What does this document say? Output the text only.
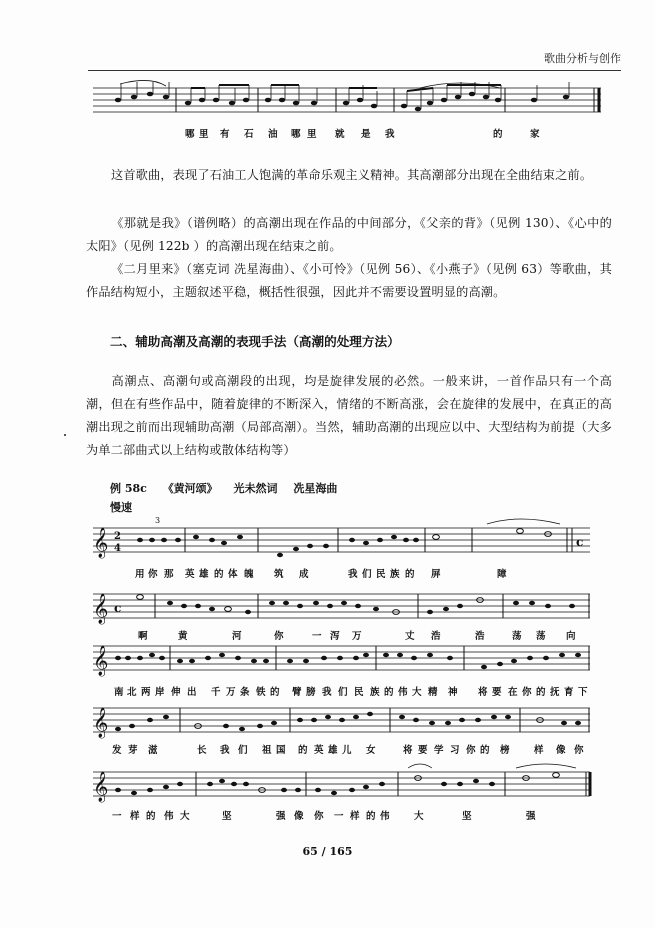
歌曲分析与创作
哪 里 有 石 油 哪 里 就 是 我	的	家

这首歌曲，表现了石油工人饱满的革命乐观主义精神。其高潮部分出现在全曲结束之前。

《那就是我》（谱例略）的高潮出现在作品的中间部分，《父亲的背》（见例 130）、《心中的太阳》（见例 122b ）的高潮出现在结束之前。

《二月里来》（塞克词 冼星海曲）、《小可怜》（见例 56）、《小燕子》（见例 63）等歌曲，其作品结构短小，主题叙述平稳，概括性很强，因此并不需要设置明显的高潮。

二、辅助高潮及高潮的表现手法（高潮的处理方法）

高潮点、高潮句或高潮段的出现，均是旋律发展的必然。一般来讲，一首作品只有一个高潮，但在有些作品中，随着旋律的不断深入，情绪的不断高涨，会在旋律的发展中，在真正的高潮出现之前而出现辅助高潮（局部高潮）。当然，辅助高潮的出现应以中、大型结构为前提（大多为单二部曲式以上结构或散体结构等）

例 58c 《黄河颂》 光未然词 冼星海曲
慢速
𝄞 2
4	c
3
用 你 那 英 雄 的 体 魄 筑 成	我 们 民 族 的 屏	障
𝄞 c
啊	黄	河	你	一 泻 万	丈 浩	浩	荡 荡 向
𝄞
南 北 两 岸 伸 出 千 万 条 铁 的 臂 膀 我 们 民 族 的 伟 大 精 神 将 要 在 你 的 抚 育 下
𝄞
发 芽 滋	长 我 们 祖 国 的 英 雄 儿 女	将 要 学 习 你 的 榜	样 像 你
𝄞
一 样 的 伟 大	坚	强 像 你 一 样 的 伟	大	坚	强
65 / 165
